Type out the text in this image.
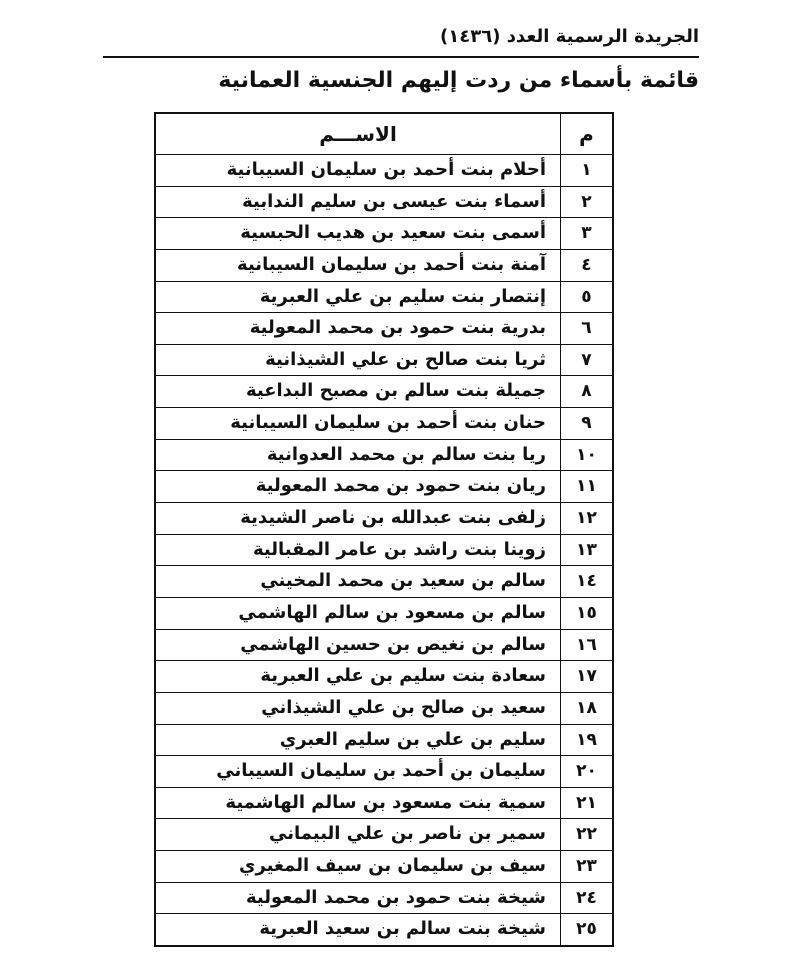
الجريدة الرسمية العدد (١٤٣٦)
قائمة بأسماء من ردت إليهم الجنسية العمانية
م
الاســـم
١
أحلام بنت أحمد بن سليمان السيبانية
٢
أسماء بنت عيسى بن سليم الندابية
٣
أسمى بنت سعيد بن هديب الحبسية
٤
آمنة بنت أحمد بن سليمان السيبانية
٥
إنتصار بنت سليم بن علي العبرية
٦
بدرية بنت حمود بن محمد المعولية
٧
ثريا بنت صالح بن علي الشيذانية
٨
جميلة بنت سالم بن مصبح البداعية
٩
حنان بنت أحمد بن سليمان السيبانية
١٠
ريا بنت سالم بن محمد العدوانية
١١
ريان بنت حمود بن محمد المعولية
١٢
زلفى بنت عبدالله بن ناصر الشيدية
١٣
زوينا بنت راشد بن عامر المقبالية
١٤
سالم بن سعيد بن محمد المخيني
١٥
سالم بن مسعود بن سالم الهاشمي
١٦
سالم بن نغيص بن حسين الهاشمي
١٧
سعادة بنت سليم بن علي العبرية
١٨
سعيد بن صالح بن علي الشيذاني
١٩
سليم بن علي بن سليم العبري
٢٠
سليمان بن أحمد بن سليمان السيباني
٢١
سمية بنت مسعود بن سالم الهاشمية
٢٢
سمير بن ناصر بن علي البيماني
٢٣
سيف بن سليمان بن سيف المغيري
٢٤
شيخة بنت حمود بن محمد المعولية
٢٥
شيخة بنت سالم بن سعيد العبرية
